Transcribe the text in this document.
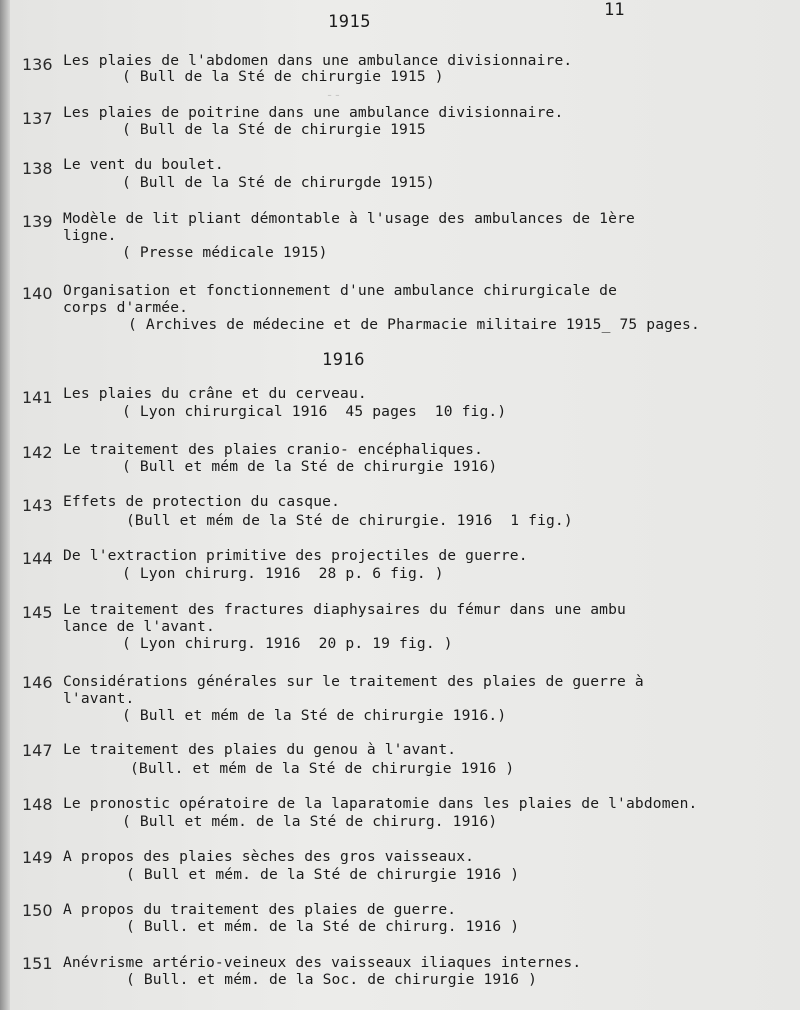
--
11
1915
1916
136 Les plaies de l'abdomen dans une ambulance divisionnaire.
( Bull de la Sté de chirurgie 1915 )
137 Les plaies de poitrine dans une ambulance divisionnaire.
( Bull de la Sté de chirurgie 1915
138 Le vent du boulet.
( Bull de la Sté de chirurgde 1915)
139 Modèle de lit pliant démontable à l'usage des ambulances de 1ère
ligne.
( Presse médicale 1915)
140 Organisation et fonctionnement d'une ambulance chirurgicale de
corps d'armée.
( Archives de médecine et de Pharmacie militaire 1915_ 75 pages.
141 Les plaies du crâne et du cerveau.
( Lyon chirurgical 1916  45 pages  10 fig.)
142 Le traitement des plaies cranio- encéphaliques.
( Bull et mém de la Sté de chirurgie 1916)
143 Effets de protection du casque.
(Bull et mém de la Sté de chirurgie. 1916  1 fig.)
144 De l'extraction primitive des projectiles de guerre.
( Lyon chirurg. 1916  28 p. 6 fig. )
145 Le traitement des fractures diaphysaires du fémur dans une ambu
lance de l'avant.
( Lyon chirurg. 1916  20 p. 19 fig. )
146 Considérations générales sur le traitement des plaies de guerre à
l'avant.
( Bull et mém de la Sté de chirurgie 1916.)
147 Le traitement des plaies du genou à l'avant.
(Bull. et mém de la Sté de chirurgie 1916 )
148 Le pronostic opératoire de la laparatomie dans les plaies de l'abdomen.
( Bull et mém. de la Sté de chirurg. 1916)
149 A propos des plaies sèches des gros vaisseaux.
( Bull et mém. de la Sté de chirurgie 1916 )
150 A propos du traitement des plaies de guerre.
( Bull. et mém. de la Sté de chirurg. 1916 )
151 Anévrisme artério-veineux des vaisseaux iliaques internes.
( Bull. et mém. de la Soc. de chirurgie 1916 )
